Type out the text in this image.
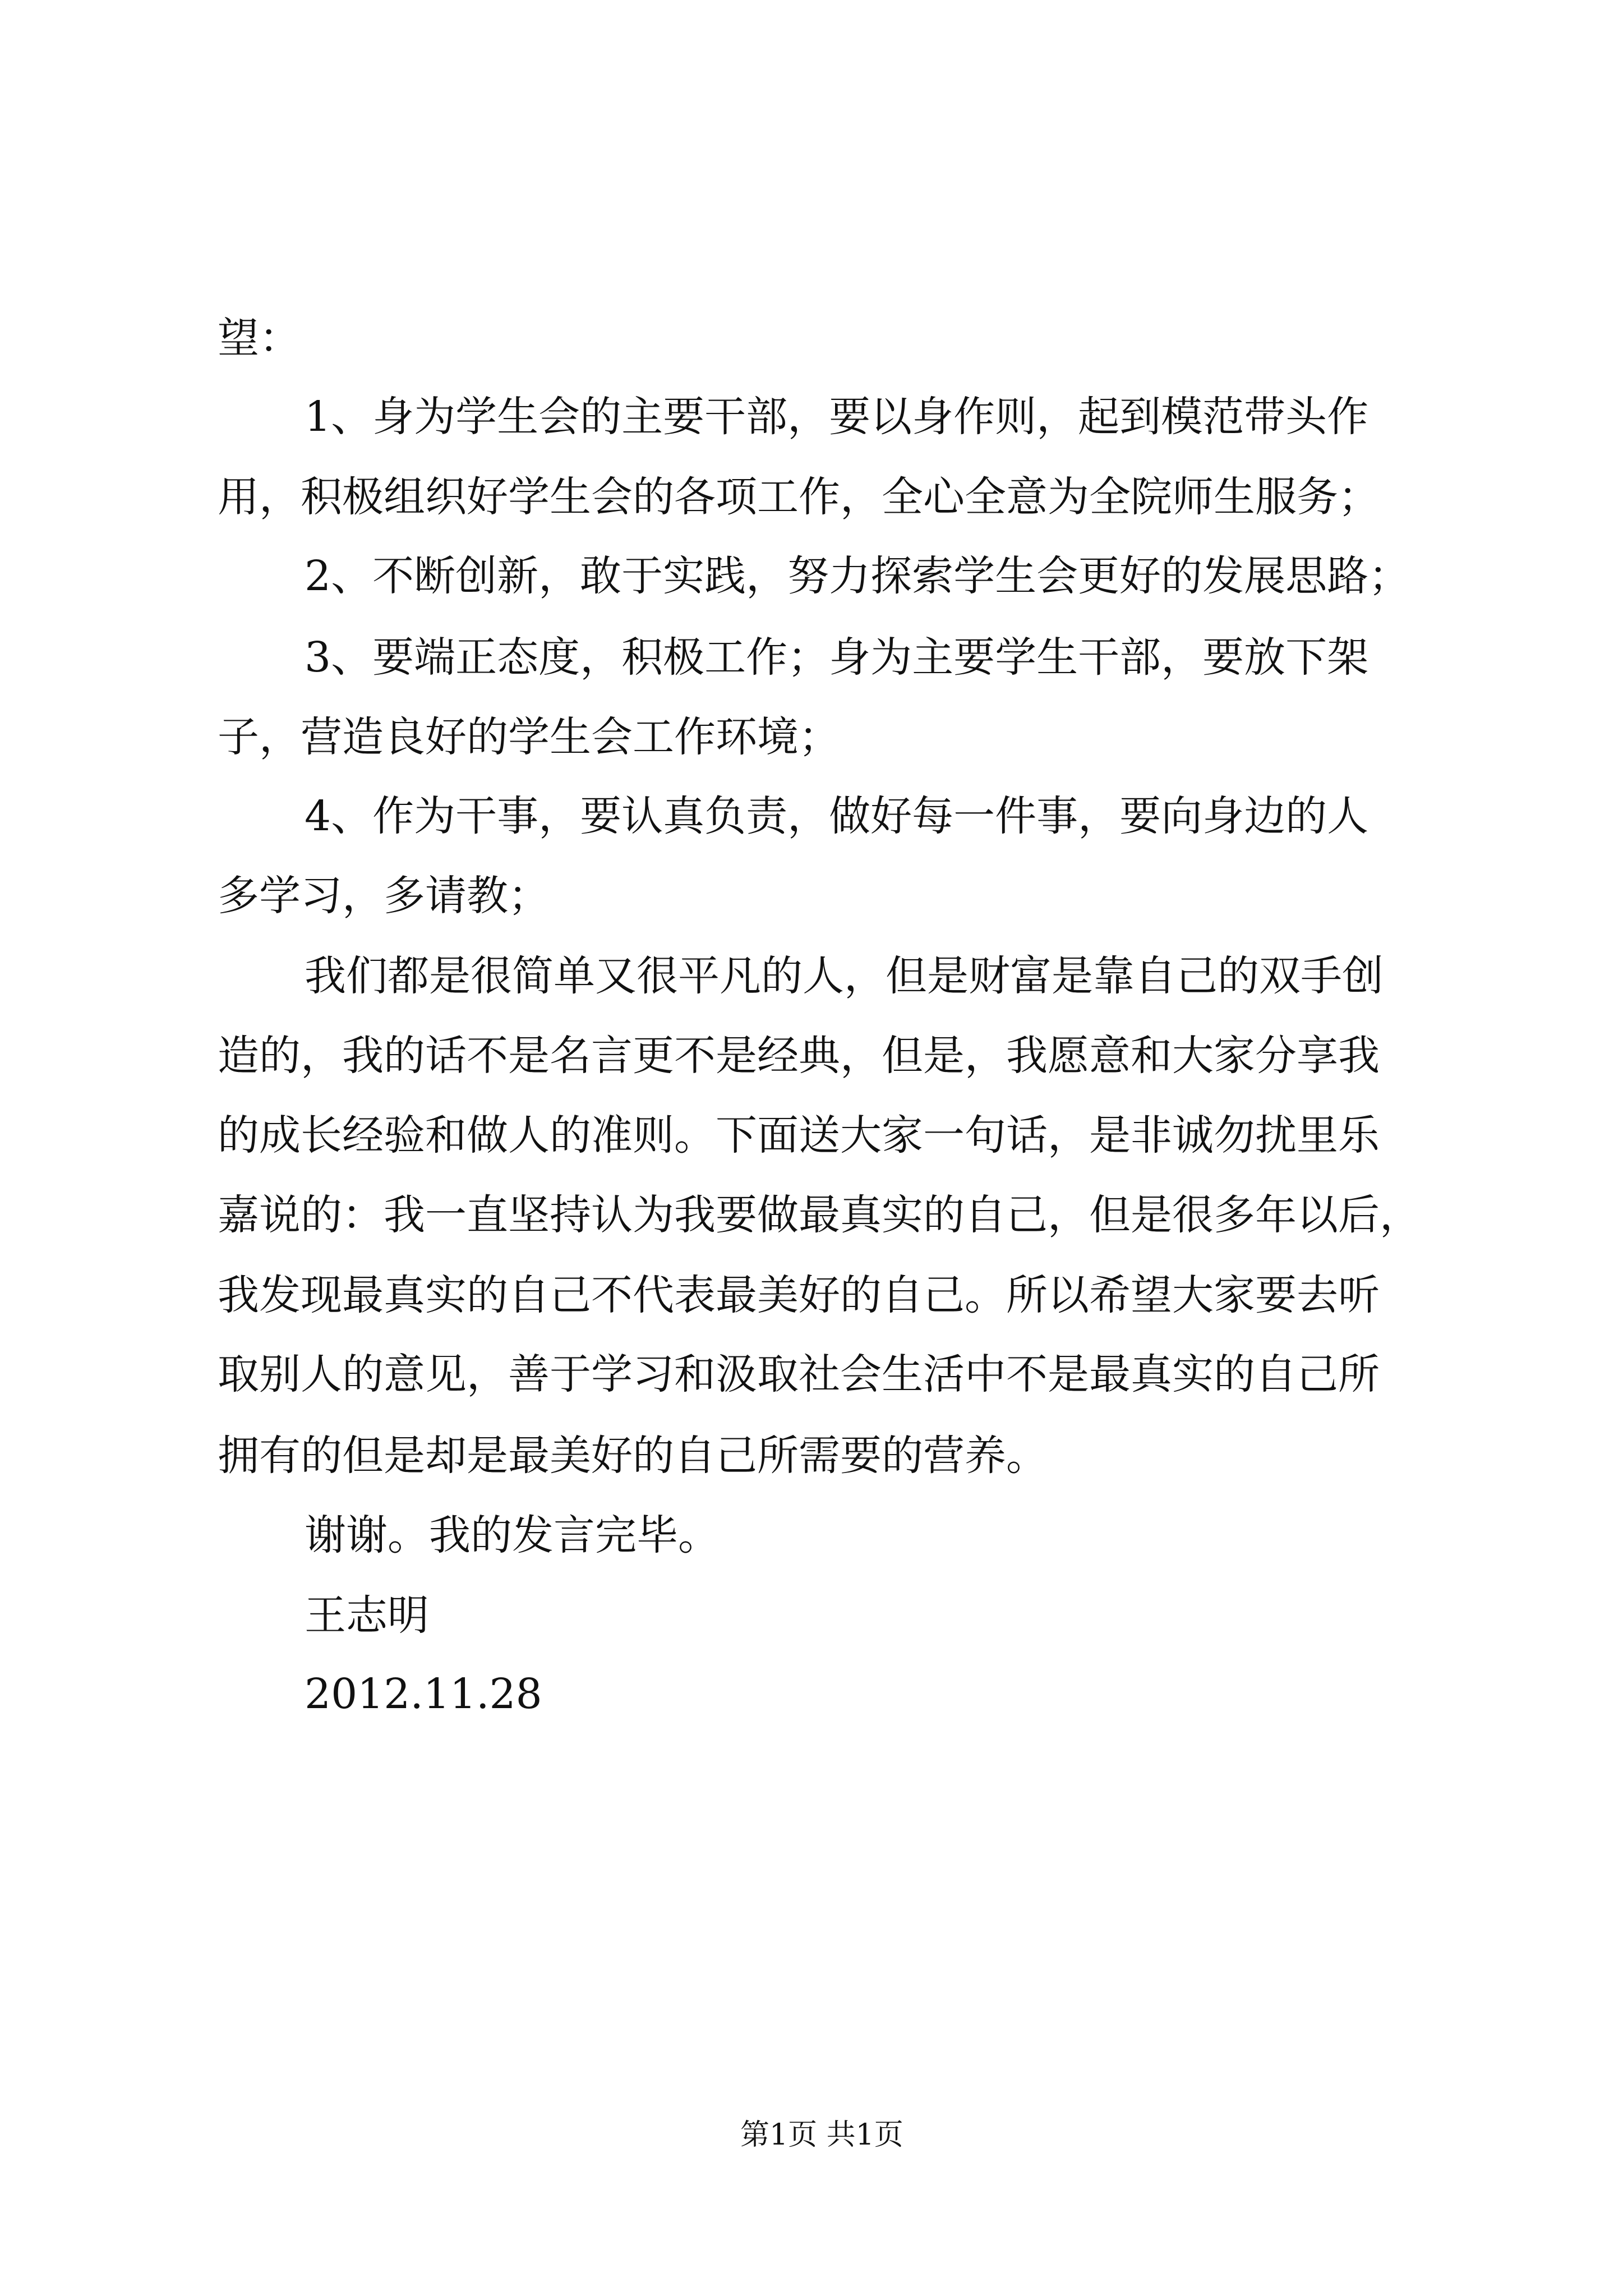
望：
1、身为学生会的主要干部，要以身作则，起到模范带头作
用，积极组织好学生会的各项工作，全心全意为全院师生服务；
2、不断创新，敢于实践，努力探索学生会更好的发展思路；
3、要端正态度，积极工作；身为主要学生干部，要放下架
子，营造良好的学生会工作环境；
4、作为干事，要认真负责，做好每一件事，要向身边的人
多学习，多请教；
我们都是很简单又很平凡的人，但是财富是靠自己的双手创
造的，我的话不是名言更不是经典，但是，我愿意和大家分享我
的成长经验和做人的准则。下面送大家一句话，是非诚勿扰里乐
嘉说的：我一直坚持认为我要做最真实的自己，但是很多年以后，
我发现最真实的自己不代表最美好的自己。所以希望大家要去听
取别人的意见，善于学习和汲取社会生活中不是最真实的自己所
拥有的但是却是最美好的自己所需要的营养。
谢谢。我的发言完毕。
王志明
2012.11.28
第1页 共1页
